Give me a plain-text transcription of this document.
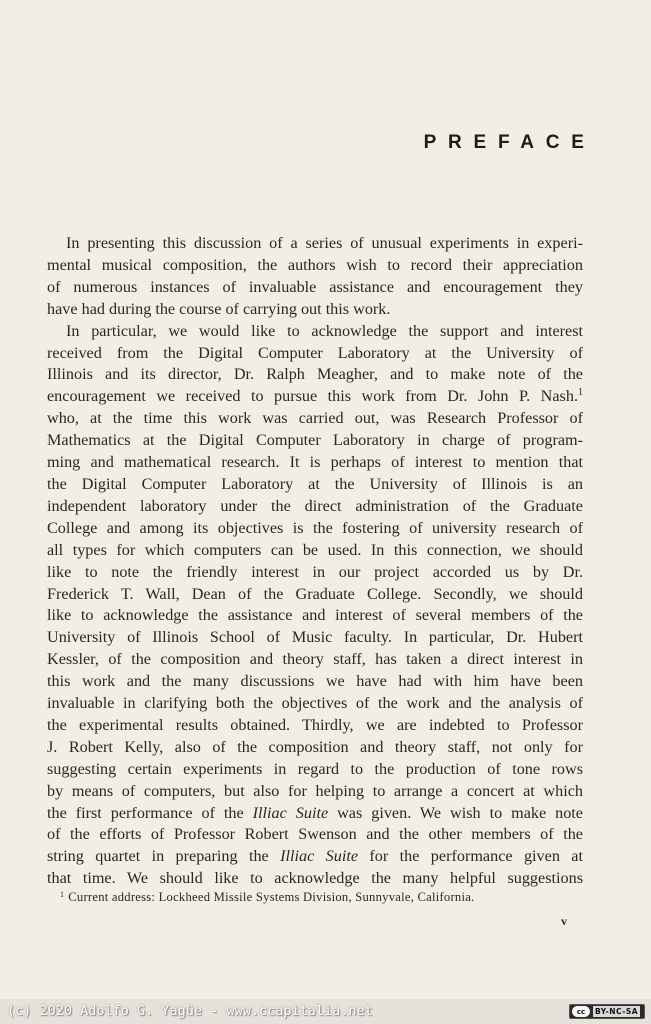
PREFACE
In presenting this discussion of a series of unusual experiments in experi-
mental musical composition, the authors wish to record their appreciation
of numerous instances of invaluable assistance and encouragement they
have had during the course of carrying out this work.
In particular, we would like to acknowledge the support and interest
received from the Digital Computer Laboratory at the University of
Illinois and its director, Dr. Ralph Meagher, and to make note of the
encouragement we received to pursue this work from Dr. John P. Nash.$^1$
who, at the time this work was carried out, was Research Professor of
Mathematics at the Digital Computer Laboratory in charge of program-
ming and mathematical research. It is perhaps of interest to mention that
the Digital Computer Laboratory at the University of Illinois is an
independent laboratory under the direct administration of the Graduate
College and among its objectives is the fostering of university research of
all types for which computers can be used. In this connection, we should
like to note the friendly interest in our project accorded us by Dr.
Frederick T. Wall, Dean of the Graduate College. Secondly, we should
like to acknowledge the assistance and interest of several members of the
University of Illinois School of Music faculty. In particular, Dr. Hubert
Kessler, of the composition and theory staff, has taken a direct interest in
this work and the many discussions we have had with him have been
invaluable in clarifying both the objectives of the work and the analysis of
the experimental results obtained. Thirdly, we are indebted to Professor
J. Robert Kelly, also of the composition and theory staff, not only for
suggesting certain experiments in regard to the production of tone rows
by means of computers, but also for helping to arrange a concert at which
the first performance of the Illiac Suite was given. We wish to make note
of the efforts of Professor Robert Swenson and the other members of the
string quartet in preparing the Illiac Suite for the performance given at
that time. We should like to acknowledge the many helpful suggestions
$^1$ Current address: Lockheed Missile Systems Division, Sunnyvale, California.
v
(c) 2020 Adolfo G. Yagüe - www.ccapitalia.net	cc	BY-NC-SA
